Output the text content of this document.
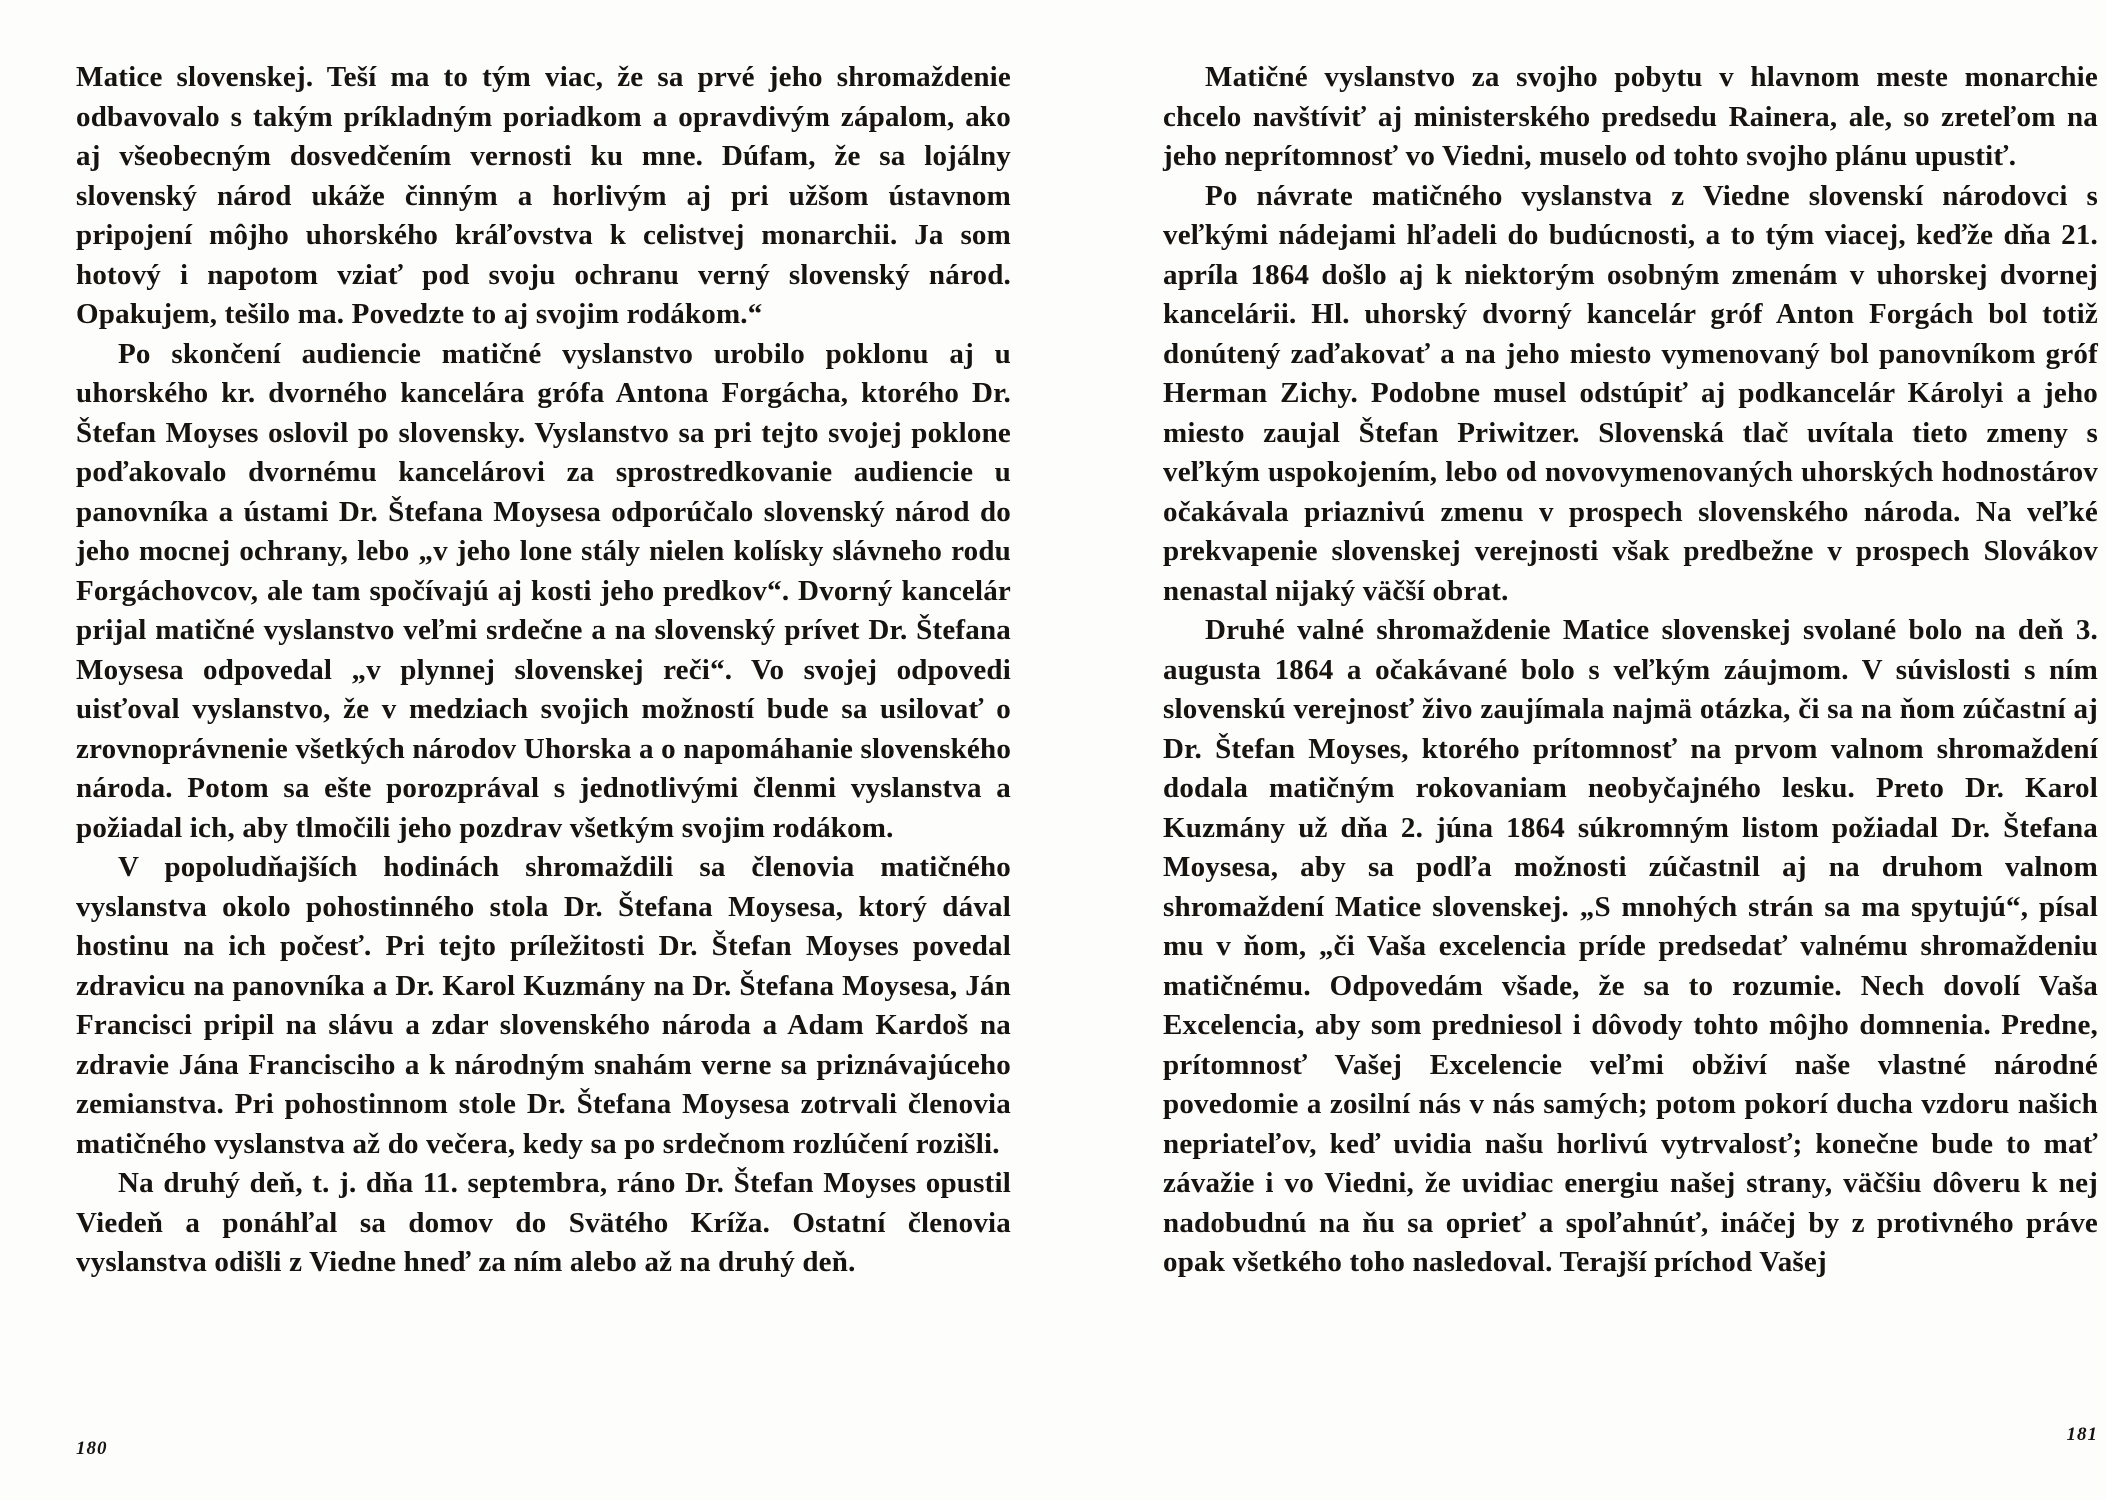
Matice slovenskej. Teší ma to tým viac, že sa prvé jeho shromaždenie odbavovalo s takým príkladným poriadkom a opravdivým zápalom, ako aj všeobecným dosvedčením vernosti ku mne. Dúfam, že sa lojálny slovenský národ ukáže činným a horlivým aj pri užšom ústavnom pripojení môjho uhorského kráľovstva k celistvej monarchii. Ja som hotový i napotom vziať pod svoju ochranu verný slovenský národ. Opakujem, tešilo ma. Povedzte to aj svojim rodákom.“

Po skončení audiencie matičné vyslanstvo urobilo poklonu aj u uhorského kr. dvorného kancelára grófa Antona Forgácha, ktorého Dr. Štefan Moyses oslovil po slovensky. Vyslanstvo sa pri tejto svojej poklone poďakovalo dvornému kancelárovi za sprostredkovanie audiencie u panovníka a ústami Dr. Štefana Moysesa odporúčalo slovenský národ do jeho mocnej ochrany, lebo „v jeho lone stály nielen kolísky slávneho rodu Forgáchovcov, ale tam spočívajú aj kosti jeho predkov“. Dvorný kancelár prijal matičné vyslanstvo veľmi srdečne a na slovenský prívet Dr. Štefana Moysesa odpovedal „v plynnej slovenskej reči“. Vo svojej odpovedi uisťoval vyslanstvo, že v medziach svojich možností bude sa usilovať o zrovnoprávnenie všetkých národov Uhorska a o napomáhanie slovenského národa. Potom sa ešte porozprával s jednotlivými členmi vyslanstva a požiadal ich, aby tlmočili jeho pozdrav všetkým svojim rodákom.

V popoludňajších hodinách shromaždili sa členovia matičného vyslanstva okolo pohostinného stola Dr. Štefana Moysesa, ktorý dával hostinu na ich počesť. Pri tejto príležitosti Dr. Štefan Moyses povedal zdravicu na panovníka a Dr. Karol Kuzmány na Dr. Štefana Moysesa, Ján Francisci pripil na slávu a zdar slovenského národa a Adam Kardoš na zdravie Jána Francisciho a k národným snahám verne sa priznávajúceho zemianstva. Pri pohostinnom stole Dr. Štefana Moysesa zotrvali členovia matičného vyslanstva až do večera, kedy sa po srdečnom rozlúčení rozišli.

Na druhý deň, t. j. dňa 11. septembra, ráno Dr. Štefan Moyses opustil Viedeň a ponáhľal sa domov do Svätého Kríža. Ostatní členovia vyslanstva odišli z Viedne hneď za ním alebo až na druhý deň.

180

Matičné vyslanstvo za svojho pobytu v hlavnom meste monarchie chcelo navštíviť aj ministerského predsedu Rainera, ale, so zreteľom na jeho neprítomnosť vo Viedni, muselo od tohto svojho plánu upustiť.

Po návrate matičného vyslanstva z Viedne slovenskí národovci s veľkými nádejami hľadeli do budúcnosti, a to tým viacej, keďže dňa 21. apríla 1864 došlo aj k niektorým osobným zmenám v uhorskej dvornej kancelárii. Hl. uhorský dvorný kancelár gróf Anton Forgách bol totiž donútený zaďakovať a na jeho miesto vymenovaný bol panovníkom gróf Herman Zichy. Podobne musel odstúpiť aj podkancelár Károlyi a jeho miesto zaujal Štefan Priwitzer. Slovenská tlač uvítala tieto zmeny s veľkým uspokojením, lebo od novovymenovaných uhorských hodnostárov očakávala priaznivú zmenu v prospech slovenského národa. Na veľké prekvapenie slovenskej verejnosti však predbežne v prospech Slovákov nenastal nijaký väčší obrat.

Druhé valné shromaždenie Matice slovenskej svolané bolo na deň 3. augusta 1864 a očakávané bolo s veľkým záujmom. V súvislosti s ním slovenskú verejnosť živo zaujímala najmä otázka, či sa na ňom zúčastní aj Dr. Štefan Moyses, ktorého prítomnosť na prvom valnom shromaždení dodala matičným rokovaniam neobyčajného lesku. Preto Dr. Karol Kuzmány už dňa 2. júna 1864 súkromným listom požiadal Dr. Štefana Moysesa, aby sa podľa možnosti zúčastnil aj na druhom valnom shromaždení Matice slovenskej. „S mnohých strán sa ma spytujú“, písal mu v ňom, „či Vaša excelencia príde predsedať valnému shromaždeniu matičnému. Odpovedám všade, že sa to rozumie. Nech dovolí Vaša Excelencia, aby som predniesol i dôvody tohto môjho domnenia. Predne, prítomnosť Vašej Excelencie veľmi obživí naše vlastné národné povedomie a zosilní nás v nás samých; potom pokorí ducha vzdoru našich nepriateľov, keď uvidia našu horlivú vytrvalosť; konečne bude to mať závažie i vo Viedni, že uvidiac energiu našej strany, väčšiu dôveru k nej nadobudnú na ňu sa oprieť a spoľahnúť, ináčej by z protivného práve opak všetkého toho nasledoval. Terajší príchod Vašej

181
